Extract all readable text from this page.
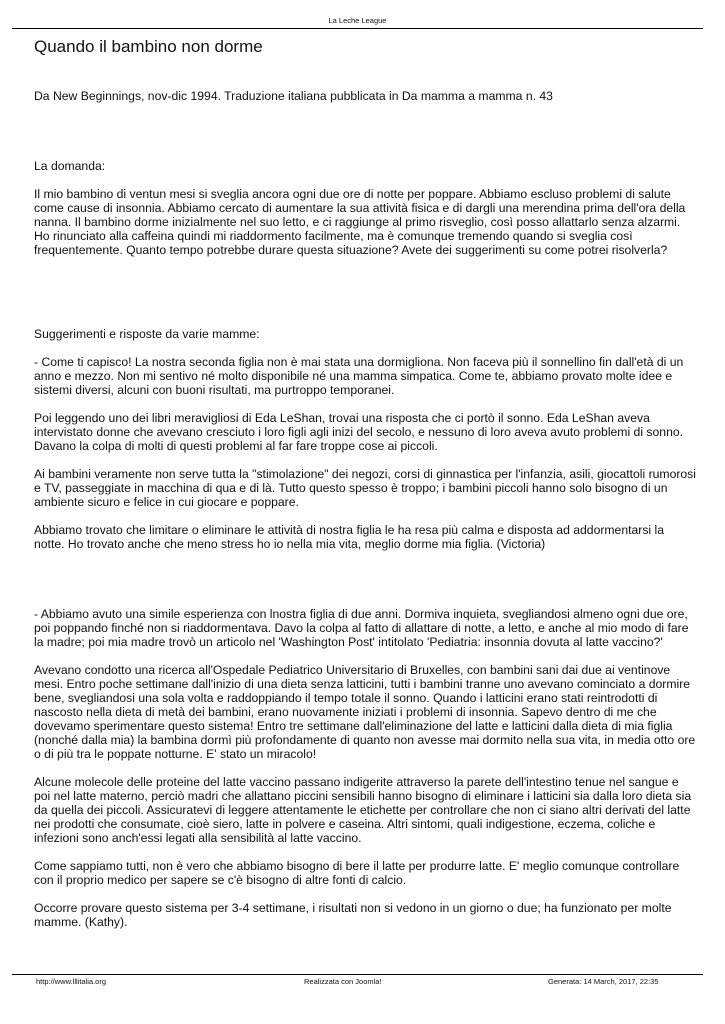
La Leche League
Quando il bambino non dorme

Da New Beginnings, nov-dic 1994. Traduzione italiana pubblicata in Da mamma a mamma n. 43

La domanda:

Il mio bambino di ventun mesi si sveglia ancora ogni due ore di notte per poppare. Abbiamo escluso problemi di salute come cause di insonnia. Abbiamo cercato di aumentare la sua attività fisica e di dargli una merendina prima dell'ora della nanna. Il bambino dorme inizialmente nel suo letto, e ci raggiunge al primo risveglio, così posso allattarlo senza alzarmi. Ho rinunciato alla caffeina quindi mi riaddormento facilmente, ma è comunque tremendo quando si sveglia così frequentemente. Quanto tempo potrebbe durare questa situazione? Avete dei suggerimenti su come potrei risolverla?

Suggerimenti e risposte da varie mamme:

- Come ti capisco! La nostra seconda figlia non è mai stata una dormigliona. Non faceva più il sonnellino fin dall'età di un anno e mezzo. Non mi sentivo né molto disponibile né una mamma simpatica. Come te, abbiamo provato molte idee e sistemi diversi, alcuni con buoni risultati, ma purtroppo temporanei.

Poi leggendo uno dei libri meravigliosi di Eda LeShan, trovai una risposta che ci portò il sonno. Eda LeShan aveva intervistato donne che avevano cresciuto i loro figli agli inizi del secolo, e nessuno di loro aveva avuto problemi di sonno. Davano la colpa di molti di questi problemi al far fare troppe cose ai piccoli.

Ai bambini veramente non serve tutta la "stimolazione" dei negozi, corsi di ginnastica per l'infanzia, asili, giocattoli rumorosi e TV, passeggiate in macchina di qua e di là. Tutto questo spesso è troppo; i bambini piccoli hanno solo bisogno di un ambiente sicuro e felice in cui giocare e poppare.

Abbiamo trovato che limitare o eliminare le attività di nostra figlia le ha resa più calma e disposta ad addormentarsi la notte. Ho trovato anche che meno stress ho io nella mia vita, meglio dorme mia figlia. (Victoria)

- Abbiamo avuto una simile esperienza con lnostra figlia di due anni. Dormiva inquieta, svegliandosi almeno ogni due ore, poi poppando finché non si riaddormentava. Davo la colpa al fatto di allattare di notte, a letto, e anche al mio modo di fare la madre; poi mia madre trovò un articolo nel 'Washington Post' intitolato 'Pediatria: insonnia dovuta al latte vaccino?'

Avevano condotto una ricerca all'Ospedale Pediatrico Universitario di Bruxelles, con bambini sani dai due ai ventinove mesi. Entro poche settimane dall'inizio di una dieta senza latticini, tutti i bambini tranne uno avevano cominciato a dormire bene, svegliandosi una sola volta e raddoppiando il tempo totale il sonno. Quando i latticini erano stati reintrodotti di nascosto nella dieta di metà dei bambini, erano nuovamente iniziati i problemi di insonnia. Sapevo dentro di me che dovevamo sperimentare questo sistema! Entro tre settimane dall'eliminazione del latte e latticini dalla dieta di mia figlia (nonché dalla mia) la bambina dormì più profondamente di quanto non avesse mai dormito nella sua vita, in media otto ore o di più tra le poppate notturne. E' stato un miracolo!

Alcune molecole delle proteine del latte vaccino passano indigerite attraverso la parete dell'intestino tenue nel sangue e poi nel latte materno, perciò madri che allattano piccini sensibili hanno bisogno di eliminare i latticini sia dalla loro dieta sia da quella dei piccoli. Assicuratevi di leggere attentamente le etichette per controllare che non ci siano altri derivati del latte nei prodotti che consumate, cioè siero, latte in polvere e caseina. Altri sintomi, quali indigestione, eczema, coliche e infezioni sono anch'essi legati alla sensibilità al latte vaccino.

Come sappiamo tutti, non è vero che abbiamo bisogno di bere il latte per produrre latte. E' meglio comunque controllare con il proprio medico per sapere se c'è bisogno di altre fonti di calcio.

Occorre provare questo sistema per 3-4 settimane, i risultati non si vedono in un giorno o due; ha funzionato per molte mamme. (Kathy).

http://www.lllitalia.org	Realizzata con Joomla!	Generata: 14 March, 2017, 22:35
